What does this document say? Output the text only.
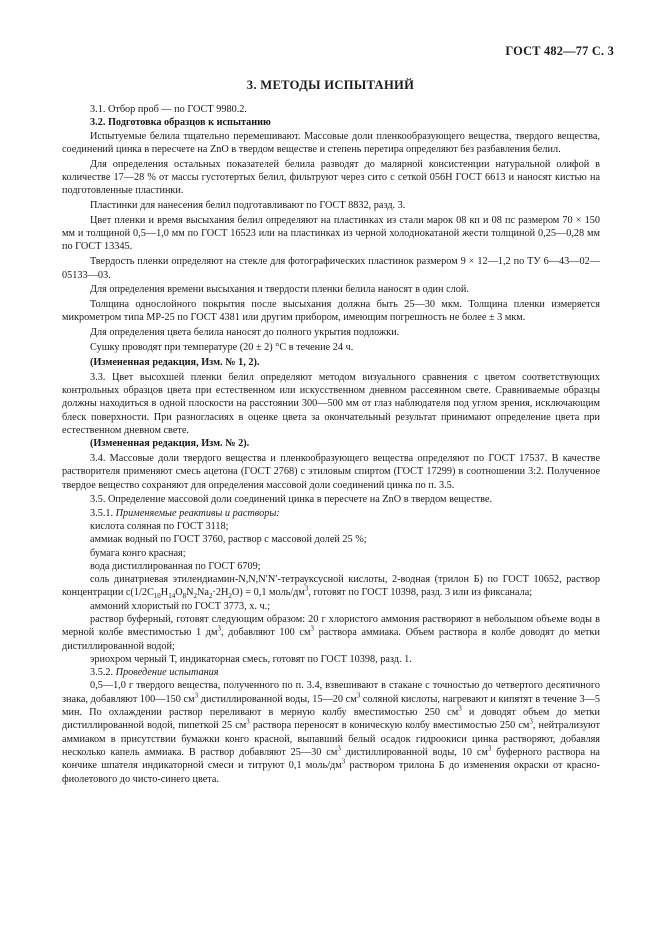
ГОСТ 482—77 С. 3
3. МЕТОДЫ ИСПЫТАНИЙ

3.1. Отбор проб — по ГОСТ 9980.2.

3.2. Подготовка образцов к испытанию

Испытуемые белила тщательно перемешивают. Массовые доли пленкообразующего вещества, твердого вещества, соединений цинка в пересчете на ZnO в твердом веществе и степень перетира определяют без разбавления белил.

Для определения остальных показателей белила разводят до малярной консистенции натуральной олифой в количестве 17—28 % от массы густотертых белил, фильтруют через сито с сеткой 056Н ГОСТ 6613 и наносят кистью на подготовленные пластинки.

Пластинки для нанесения белил подготавливают по ГОСТ 8832, разд. 3.

Цвет пленки и время высыхания белил определяют на пластинках из стали марок 08 кп и 08 пс размером 70 × 150 мм и толщиной 0,5—1,0 мм по ГОСТ 16523 или на пластинках из черной холоднокатаной жести толщиной 0,25—0,28 мм по ГОСТ 13345.

Твердость пленки определяют на стекле для фотографических пластинок размером 9 × 12—1,2 по ТУ 6—43—02—05133—03.

Для определения времени высыхания и твердости пленки белила наносят в один слой.

Толщина однослойного покрытия после высыхания должна быть 25—30 мкм. Толщина пленки измеряется микрометром типа МР-25 по ГОСТ 4381 или другим прибором, имеющим погрешность не более ± 3 мкм.

Для определения цвета белила наносят до полного укрытия подложки.

Сушку проводят при температуре (20 ± 2) °С в течение 24 ч.

(Измененная редакция, Изм. № 1, 2).

3.3. Цвет высохшей пленки белил определяют методом визуального сравнения с цветом соответствующих контрольных образцов цвета при естественном или искусственном дневном рассеянном свете. Сравниваемые образцы должны находиться в одной плоскости на расстоянии 300—500 мм от глаз наблюдателя под углом зрения, исключающим блеск поверхности. При разногласиях в оценке цвета за окончательный результат принимают определение цвета при естественном дневном свете.

(Измененная редакция, Изм. № 2).

3.4. Массовые доли твердого вещества и пленкообразующего вещества определяют по ГОСТ 17537. В качестве растворителя применяют смесь ацетона (ГОСТ 2768) с этиловым спиртом (ГОСТ 17299) в соотношении 3:2. Полученное твердое вещество сохраняют для определения массовой доли соединений цинка по п. 3.5.

3.5. Определение массовой доли соединений цинка в пересчете на ZnO в твердом веществе.

3.5.1. Применяемые реактивы и растворы:

кислота соляная по ГОСТ 3118;

аммиак водный по ГОСТ 3760, раствор с массовой долей 25 %;

бумага конго красная;

вода дистиллированная по ГОСТ 6709;

соль динатриевая этилендиамин-N,N,N′N′-тетрауксусной кислоты, 2-водная (трилон Б) по ГОСТ 10652, раствор концентрации $c(1/2C_{10}H_{14}O_8N_2Na_2\cdot 2H_2O) = 0,1$ моль/$дм^3$, готовят по ГОСТ 10398, разд. 3 или из фиксанала;

аммоний хлористый по ГОСТ 3773, х. ч.;

раствор буферный, готовят следующим образом: 20 г хлористого аммония растворяют в небольшом объеме воды в мерной колбе вместимостью 1 $дм^3$, добавляют 100 $см^3$ раствора аммиака. Объем раствора в колбе доводят до метки дистиллированной водой;

эриохром черный Т, индикаторная смесь, готовят по ГОСТ 10398, разд. 1.

3.5.2. Проведение испытания

0,5—1,0 г твердого вещества, полученного по п. 3.4, взвешивают в стакане с точностью до четвертого десятичного знака, добавляют 100—150 $см^3$ дистиллированной воды, 15—20 $см^3$ соляной кислоты, нагревают и кипятят в течение 3—5 мин. По охлаждении раствор переливают в мерную колбу вместимостью 250 $см^3$ и доводят объем до метки дистиллированной водой, пипеткой 25 $см^3$ раствора переносят в коническую колбу вместимостью 250 $см^3$, нейтрализуют аммиаком в присутствии бумажки конго красной, выпавший белый осадок гидроокиси цинка растворяют, добавляя несколько капель аммиака. В раствор добавляют 25—30 $см^3$ дистиллированной воды, 10 $см^3$ буферного раствора на кончике шпателя индикаторной смеси и титруют 0,1 моль/$дм^3$ раствором трилона Б до изменения окраски от красно-фиолетового до чисто-синего цвета.
